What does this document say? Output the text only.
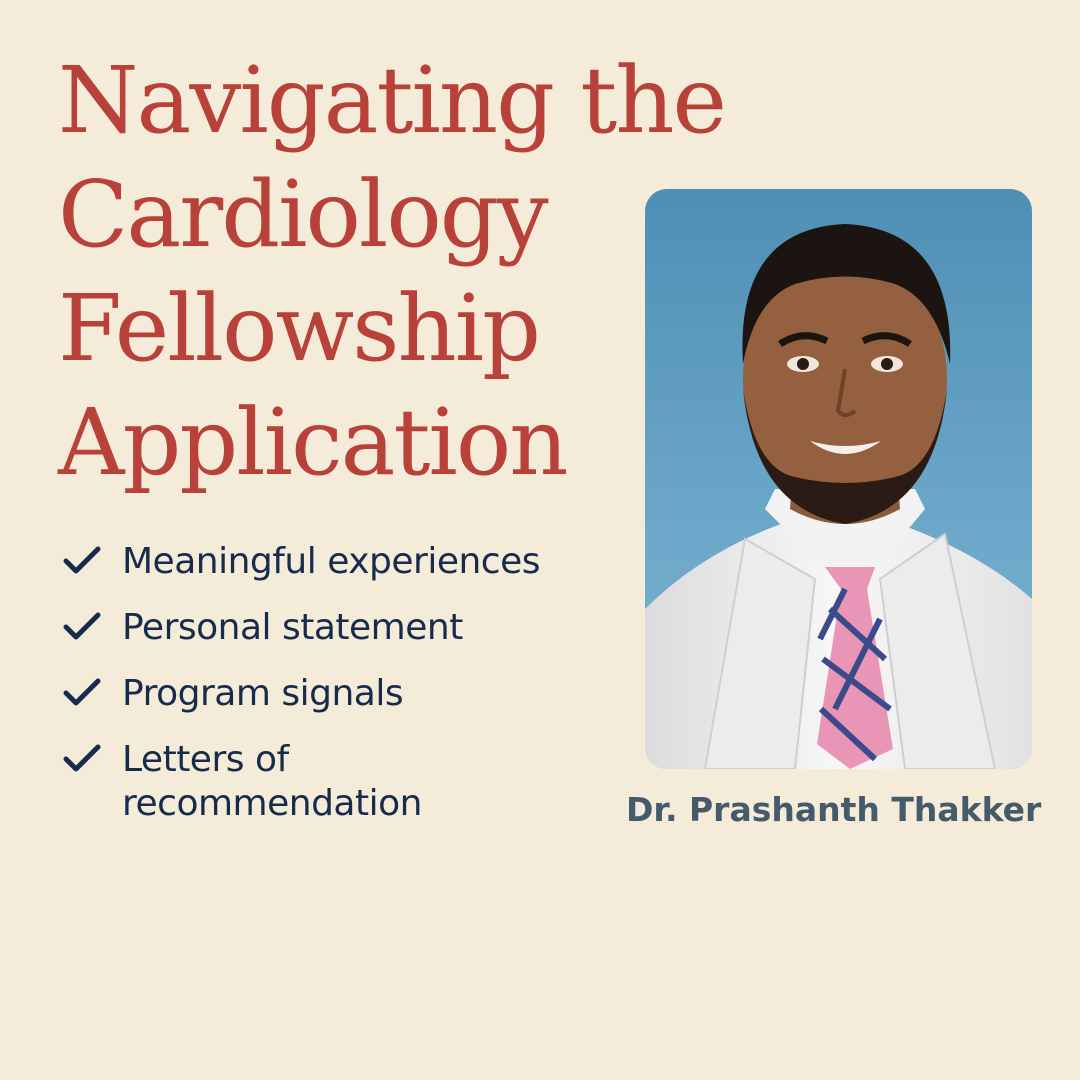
Navigating the
Cardiology
Fellowship
Application
Meaningful experiences
Personal statement
Program signals
Letters of recommendation	Dr. Prashanth Thakker
